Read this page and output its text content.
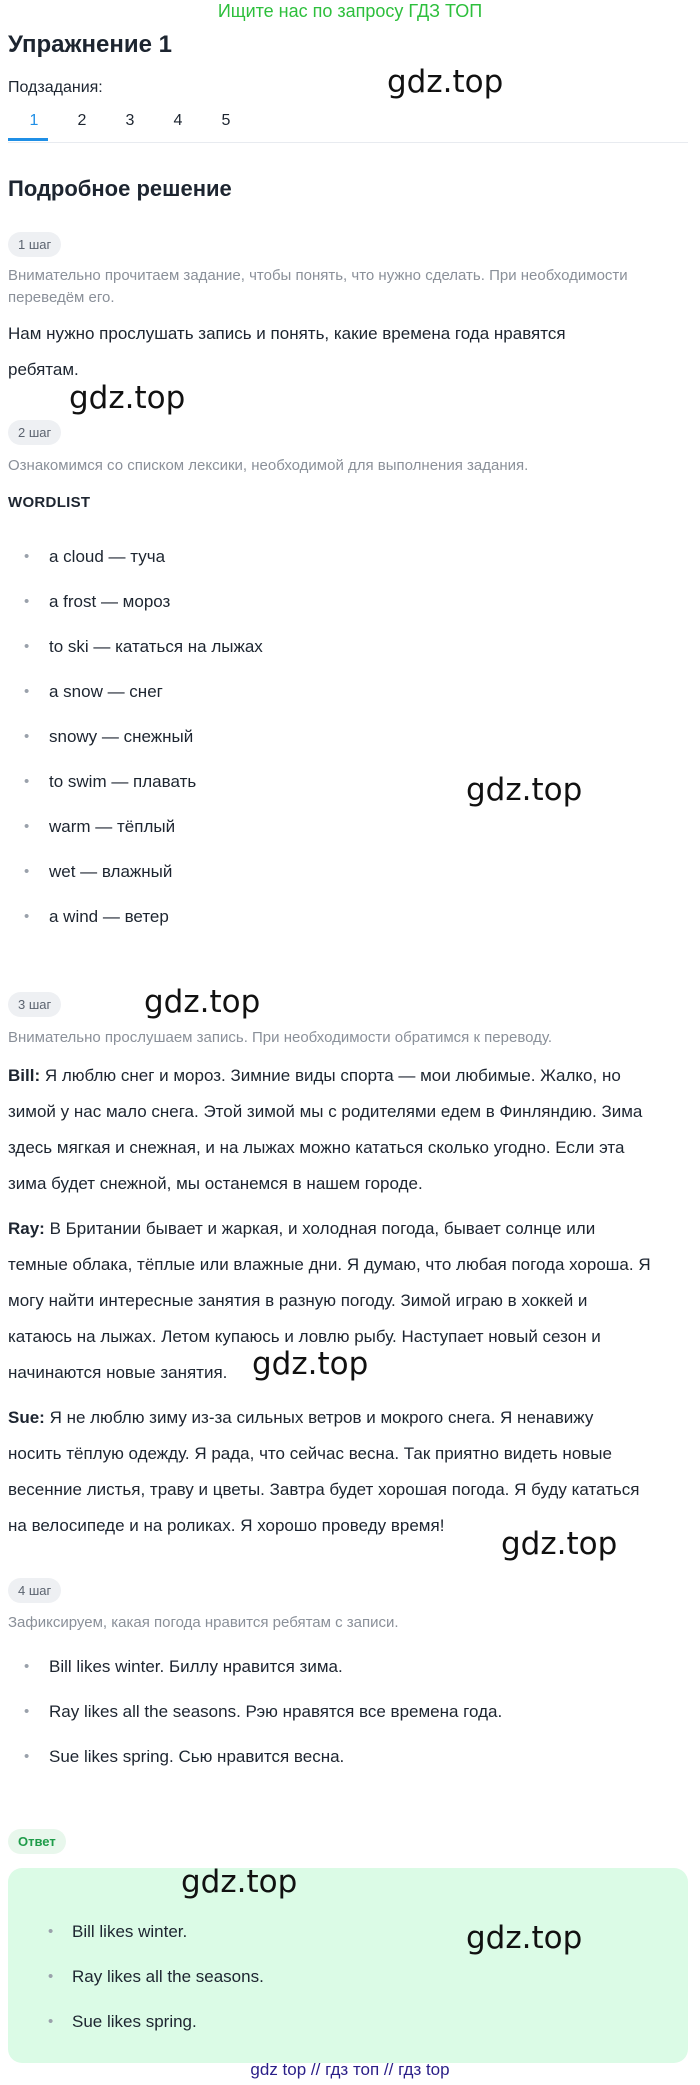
Ищите нас по запросу ГДЗ ТОП
Упражнение 1
Подзадания:
1	2	3	4	5
gdz.top
Подробное решение
1 шаг
Внимательно прочитаем задание, чтобы понять, что нужно сделать. При необходимости
переведём его.
Нам нужно прослушать запись и понять, какие времена года нравятся
ребятам.
gdz.top
2 шаг
Ознакомимся со списком лексики, необходимой для выполнения задания.
WORDLIST
• a cloud — туча
• a frost — мороз
• to ski — кататься на лыжах
• a snow — снег
• snowy — снежный
• to swim — плавать
• warm — тёплый
• wet — влажный
• a wind — ветер
gdz.top
3 шаг	gdz.top
Внимательно прослушаем запись. При необходимости обратимся к переводу.
Bill: Я люблю снег и мороз. Зимние виды спорта — мои любимые. Жалко, но
зимой у нас мало снега. Этой зимой мы с родителями едем в Финляндию. Зима
здесь мягкая и снежная, и на лыжах можно кататься сколько угодно. Если эта
зима будет снежной, мы останемся в нашем городе.
Ray: В Британии бывает и жаркая, и холодная погода, бывает солнце или
темные облака, тёплые или влажные дни. Я думаю, что любая погода хороша. Я
могу найти интересные занятия в разную погоду. Зимой играю в хоккей и
катаюсь на лыжах. Летом купаюсь и ловлю рыбу. Наступает новый сезон и
начинаются новые занятия. gdz.top
Sue: Я не люблю зиму из-за сильных ветров и мокрого снега. Я ненавижу
носить тёплую одежду. Я рада, что сейчас весна. Так приятно видеть новые
весенние листья, траву и цветы. Завтра будет хорошая погода. Я буду кататься
на велосипеде и на роликах. Я хорошо проведу время!
gdz.top
4 шаг
Зафиксируем, какая погода нравится ребятам с записи.
• Bill likes winter. Биллу нравится зима.
• Ray likes all the seasons. Рэю нравятся все времена года.
• Sue likes spring. Сью нравится весна.
Ответ
• Bill likes winter.
• Ray likes all the seasons.
• Sue likes spring.
gdz.top
gdz.top
gdz top // гдз топ // гдз top
